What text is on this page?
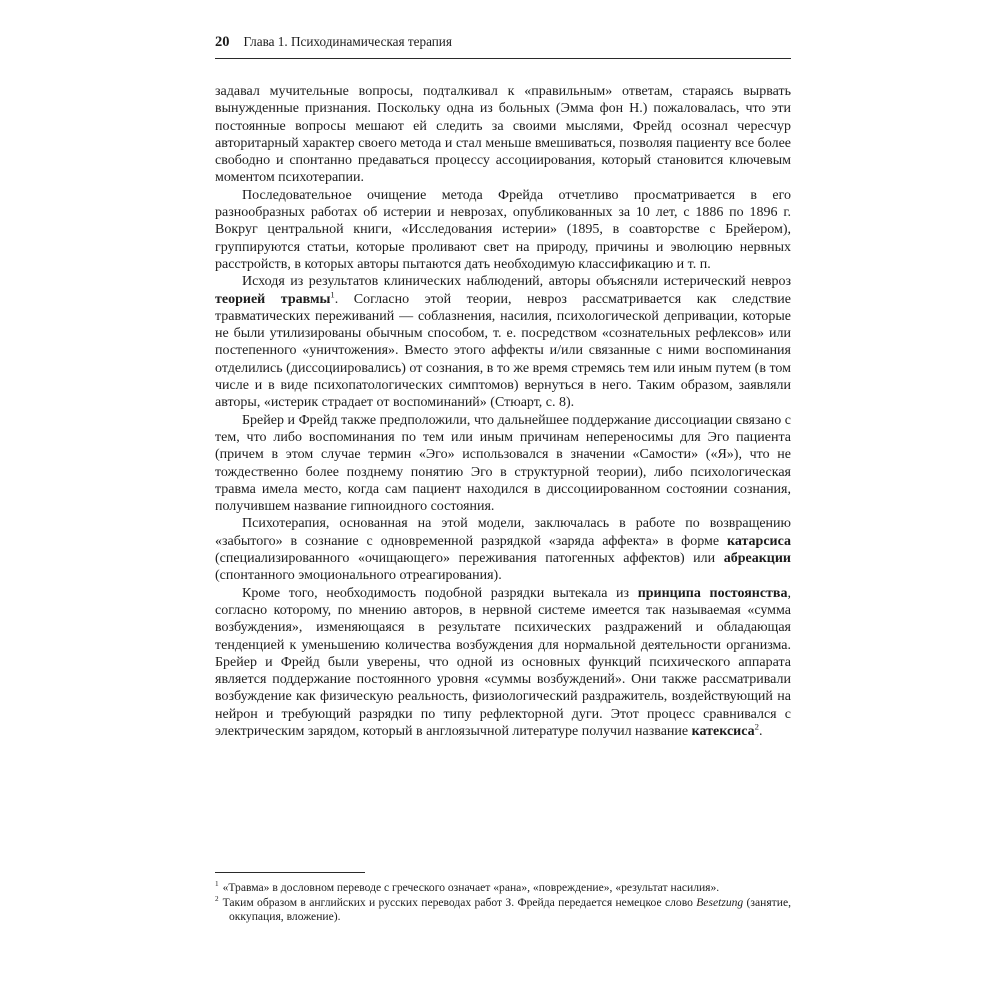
20 Глава 1. Психодинамическая терапия

задавал мучительные вопросы, подталкивал к «правильным» ответам, стараясь вырвать вынужденные признания. Поскольку одна из больных (Эмма фон Н.) пожаловалась, что эти постоянные вопросы мешают ей следить за своими мыслями, Фрейд осознал чересчур авторитарный характер своего метода и стал меньше вмешиваться, позволяя пациенту все более свободно и спонтанно предаваться процессу ассоциирования, который становится ключевым моментом психотерапии.

Последовательное очищение метода Фрейда отчетливо просматривается в его разнообразных работах об истерии и неврозах, опубликованных за 10 лет, с 1886 по 1896 г. Вокруг центральной книги, «Исследования истерии» (1895, в соавторстве с Брейером), группируются статьи, которые проливают свет на природу, причины и эволюцию нервных расстройств, в которых авторы пытаются дать необходимую классификацию и т. п.

Исходя из результатов клинических наблюдений, авторы объясняли истерический невроз теорией травмы$^1$. Согласно этой теории, невроз рассматривается как следствие травматических переживаний — соблазнения, насилия, психологической депривации, которые не были утилизированы обычным способом, т. е. посредством «сознательных рефлексов» или постепенного «уничтожения». Вместо этого аффекты и/или связанные с ними воспоминания отделились (диссоциировались) от сознания, в то же время стремясь тем или иным путем (в том числе и в виде психопатологических симптомов) вернуться в него. Таким образом, заявляли авторы, «истерик страдает от воспоминаний» (Стюарт, с. 8).

Брейер и Фрейд также предположили, что дальнейшее поддержание диссоциации связано с тем, что либо воспоминания по тем или иным причинам непереносимы для Эго пациента (причем в этом случае термин «Эго» использовался в значении «Самости» («Я»), что не тождественно более позднему понятию Эго в структурной теории), либо психологическая травма имела место, когда сам пациент находился в диссоциированном состоянии сознания, получившем название гипноидного состояния.

Психотерапия, основанная на этой модели, заключалась в работе по возвращению «забытого» в сознание с одновременной разрядкой «заряда аффекта» в форме катарсиса (специализированного «очищающего» переживания патогенных аффектов) или абреакции (спонтанного эмоционального отреагирования).

Кроме того, необходимость подобной разрядки вытекала из принципа постоянства, согласно которому, по мнению авторов, в нервной системе имеется так называемая «сумма возбуждения», изменяющаяся в результате психических раздражений и обладающая тенденцией к уменьшению количества возбуждения для нормальной деятельности организма. Брейер и Фрейд были уверены, что одной из основных функций психического аппарата является поддержание постоянного уровня «суммы возбуждений». Они также рассматривали возбуждение как физическую реальность, физиологический раздражитель, воздействующий на нейрон и требующий разрядки по типу рефлекторной дуги. Этот процесс сравнивался с электрическим зарядом, который в англоязычной литературе получил название катексиса$^2$.

$^1$ «Травма» в дословном переводе с греческого означает «рана», «повреждение», «результат насилия».

$^2$ Таким образом в английских и русских переводах работ З. Фрейда передается немецкое слово Besetzung (занятие, оккупация, вложение).
